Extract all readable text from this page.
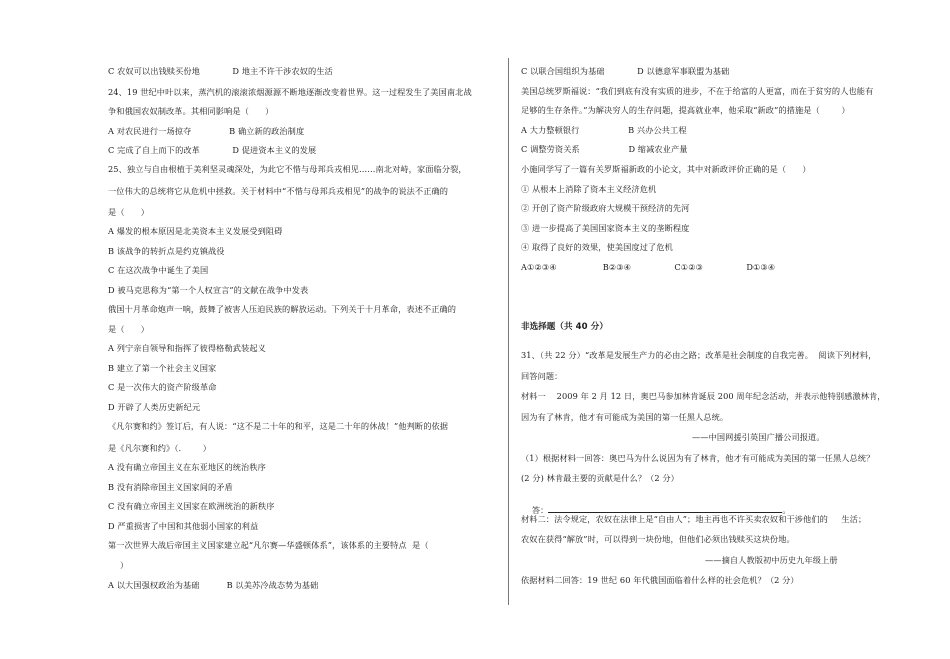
C 农奴可以出钱赎买份地            D 地主不许干涉农奴的生活
24、19 世纪中叶以来，蒸汽机的滚滚浓烟源源不断地逐渐改变着世界。这一过程发生了美国南北战
争和俄国农奴制改革。其相同影响是（      ）
A 对农民进行一场掠夺              B 确立新的政治制度
C 完成了自上而下的改革            D 促进资本主义的发展
25、独立与自由根植于美利坚灵魂深处，为此它不惜与母邦兵戎相见……南北对峙，家面临分裂，
一位伟大的总统将它从危机中拯救。关于材料中“不惜与母邦兵戎相见”的战争的说法不正确的
是（      ）
A 爆发的根本原因是北美资本主义发展受到阻碍
B 该战争的转折点是约克镇战役
C 在这次战争中诞生了美国
D 被马克思称为“第一个人权宣言”的文献在战争中发表
俄国十月革命炮声一响，鼓舞了被害人压迫民族的解放运动。下列关于十月革命，表述不正确的
是（      ）
A 列宁亲自领导和指挥了彼得格勒武装起义
B 建立了第一个社会主义国家
C 是一次伟大的资产阶级革命
D 开辟了人类历史新纪元
《凡尔赛和约》签订后，有人说：“这不是二十年的和平，这是二十年的休战！”他判断的依据
是《凡尔赛和约》（.        ）
A 没有确立帝国主义在东亚地区的统治秩序
B 没有消除帝国主义国家间的矛盾
C 没有确立帝国主义国家在欧洲统治的新秩序
D 严重损害了中国和其他弱小国家的利益
第一次世界大战后帝国主义国家建立起“凡尔赛—华盛顿体系”，该体系的主要特点  是（
）
A 以大国强权政治为基础          B 以美苏冷战态势为基础
C 以联合国组织为基础            D 以德意军事联盟为基础
美国总统罗斯福说：“我们到底有没有实质的进步，不在于给富的人更富，而在于贫穷的人也能有
足够的生存条件。”为解决穷人的生存问题，提高就业率，他采取“新政”的措施是（        ）
A 大力整顿银行                  B 兴办公共工程
C 调整劳资关系                  D 缩减农业产量
小施同学写了一篇有关罗斯福新政的小论文，其中对新政评价正确的是（      ）
① 从根本上消除了资本主义经济危机
② 开创了资产阶级政府大规模干预经济的先河
③ 进一步提高了美国国家资本主义的垄断程度
④ 取得了良好的效果，使美国度过了危机
A①②③④                 B②③④                C①②③                D①③④
非选择题（共 40 分）
31、（共 22 分）“改革是发展生产力的必由之路；改革是社会制度的自我完善。  阅读下列材料，
回答问题：
材料一    2009 年 2 月 12 日，奥巴马参加林肯诞辰 200 周年纪念活动，并表示他特别感激林肯，
因为有了林肯，他才有可能成为美国的第一任黑人总统。
——中国网援引英国广播公司报道。
（1）根据材料一回答：奥巴马为什么说因为有了林肯，他才有可能成为美国的第一任黑人总统？
(2 分) 林肯最主要的贡献是什么？（2 分）

答：	。

材料二：法令规定，农奴在法律上是“自由人”；地主再也不许买卖农奴和干涉他们的     生活；
农奴在获得“解放”时，可以得到一块份地，但他们必须出钱赎买这块份地。
——摘自人教版初中历史九年级上册
依据材料二回答：19 世纪 60 年代俄国面临着什么样的社会危机？（2 分）
